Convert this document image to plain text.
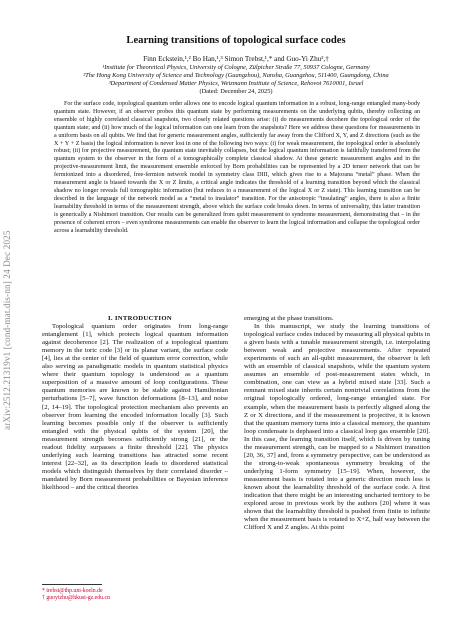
arXiv:2512.21319v1 [cond-mat.dis-nn] 24 Dec 2025
Learning transitions of topological surface codes
Finn Eckstein,¹,² Bo Han,¹,³ Simon Trebst,¹,* and Guo-Yi Zhu²,†
¹Institute for Theoretical Physics, University of Cologne, Zülpicher Straße 77, 50937 Cologne, Germany
²The Hong Kong University of Science and Technology (Guangzhou), Nansha, Guangzhou, 511400, Guangdong, China
³Department of Condensed Matter Physics, Weizmann Institute of Science, Rehovot 7610001, Israel
(Dated: December 24, 2025)
For the surface code, topological quantum order allows one to encode logical quantum information in a robust, long-range entangled many-body quantum state. However, if an observer probes this quantum state by performing measurements on the underlying qubits, thereby collecting an ensemble of highly correlated classical snapshots, two closely related questions arise: (i) do measurements decohere the topological order of the quantum state; and (ii) how much of the logical information can one learn from the snapshots? Here we address these questions for measurements in a uniform basis on all qubits. We find that for generic measurement angles, sufficiently far away from the Clifford X, Y, and Z directions (such as the X + Y + Z basis) the logical information is never lost in one of the following two ways: (i) for weak measurement, the topological order is absolutely robust; (ii) for projective measurement, the quantum state inevitably collapses, but the logical quantum information is faithfully transferred from the quantum system to the observer in the form of a tomographically complete classical shadow. At these generic measurement angles and in the projective-measurement limit, the measurement ensemble enforced by Born probabilities can be represented by a 2D tensor network that can be fermionized into a disordered, free-fermion network model in symmetry class DIII, which gives rise to a Majorana “metal” phase. When the measurement angle is biased towards the X or Z limits, a critical angle indicates the threshold of a learning transition beyond which the classical shadow no longer reveals full tomographic information (but reduces to a measurement of the logical X or Z state). This learning transition can be described in the language of the network model as a “metal to insulator” transition. For the anisotropic “insulating” angles, there is also a finite learnability threshold in terms of the measurement strength, above which the surface code breaks down. In terms of universality, this latter transition is generically a Nishimori transition. Our results can be generalized from qubit measurement to syndrome measurement, demonstrating that – in the presence of coherent errors – even syndrome measurements can enable the observer to learn the logical information and collapse the topological order across a learnability threshold.

I. INTRODUCTION

Topological quantum order originates from long-range entanglement [1], which protects logical quantum information against decoherence [2]. The realization of a topological quantum memory in the toric code [3] or its planar variant, the surface code [4], lies at the center of the field of quantum error correction, while also serving as paradigmatic models in quantum statistical physics where their quantum topology is understood as a quantum superposition of a massive amount of loop configurations. These quantum memories are known to be stable against Hamiltonian perturbations [5–7], wave function deformations [8–13], and noise [2, 14–19]. The topological protection mechanism also prevents an observer from learning the encoded information locally [3]. Such learning becomes possible only if the observer is sufficiently entangled with the physical qubits of the system [20], the measurement strength becomes sufficiently strong [21], or the readout fidelity surpasses a finite threshold [22]. The physics underlying such learning transitions has attracted some recent interest [22–32], as its description leads to disordered statistical models which distinguish themselves by their correlated disorder – mandated by Born measurement probabilities or Bayesian inference likelihood – and the critical theories

emerging at the phase transitions.

In this manuscript, we study the learning transitions of topological surface codes induced by measuring all physical qubits in a given basis with a tunable measurement strength, i.e. interpolating between weak and projective measurements. After repeated experiments of such an all-qubit measurement, the observer is left with an ensemble of classical snapshots, while the quantum system assumes an ensemble of post-measurement states which, in combination, one can view as a hybrid mixed state [33]. Such a remnant mixed state inherits certain nontrivial correlations from the original topologically ordered, long-range entangled state. For example, when the measurement basis is perfectly aligned along the Z or X directions, and if the measurement is projective, it is known that the quantum memory turns into a classical memory, the quantum loop condensate is dephased into a classical loop gas ensemble [20]. In this case, the learning transition itself, which is driven by tuning the measurement strength, can be mapped to a Nishimori transition [20, 36, 37] and, from a symmetry perspective, can be understood as the strong-to-weak spontaneous symmetry breaking of the underlying 1-form symmetry [15–19]. When, however, the measurement basis is rotated into a generic direction much less is known about the learnability threshold of the surface code. A first indication that there might be an interesting uncharted territory to be explored arose in previous work by the authors [20] where it was shown that the learnability threshold is pushed from finite to infinite when the measurement basis is rotated to X+Z, half way between the Clifford X and Z angles. At this point

* trebst@thp.uni-koeln.de
† guoyizhu@hkust-gz.edu.cn
